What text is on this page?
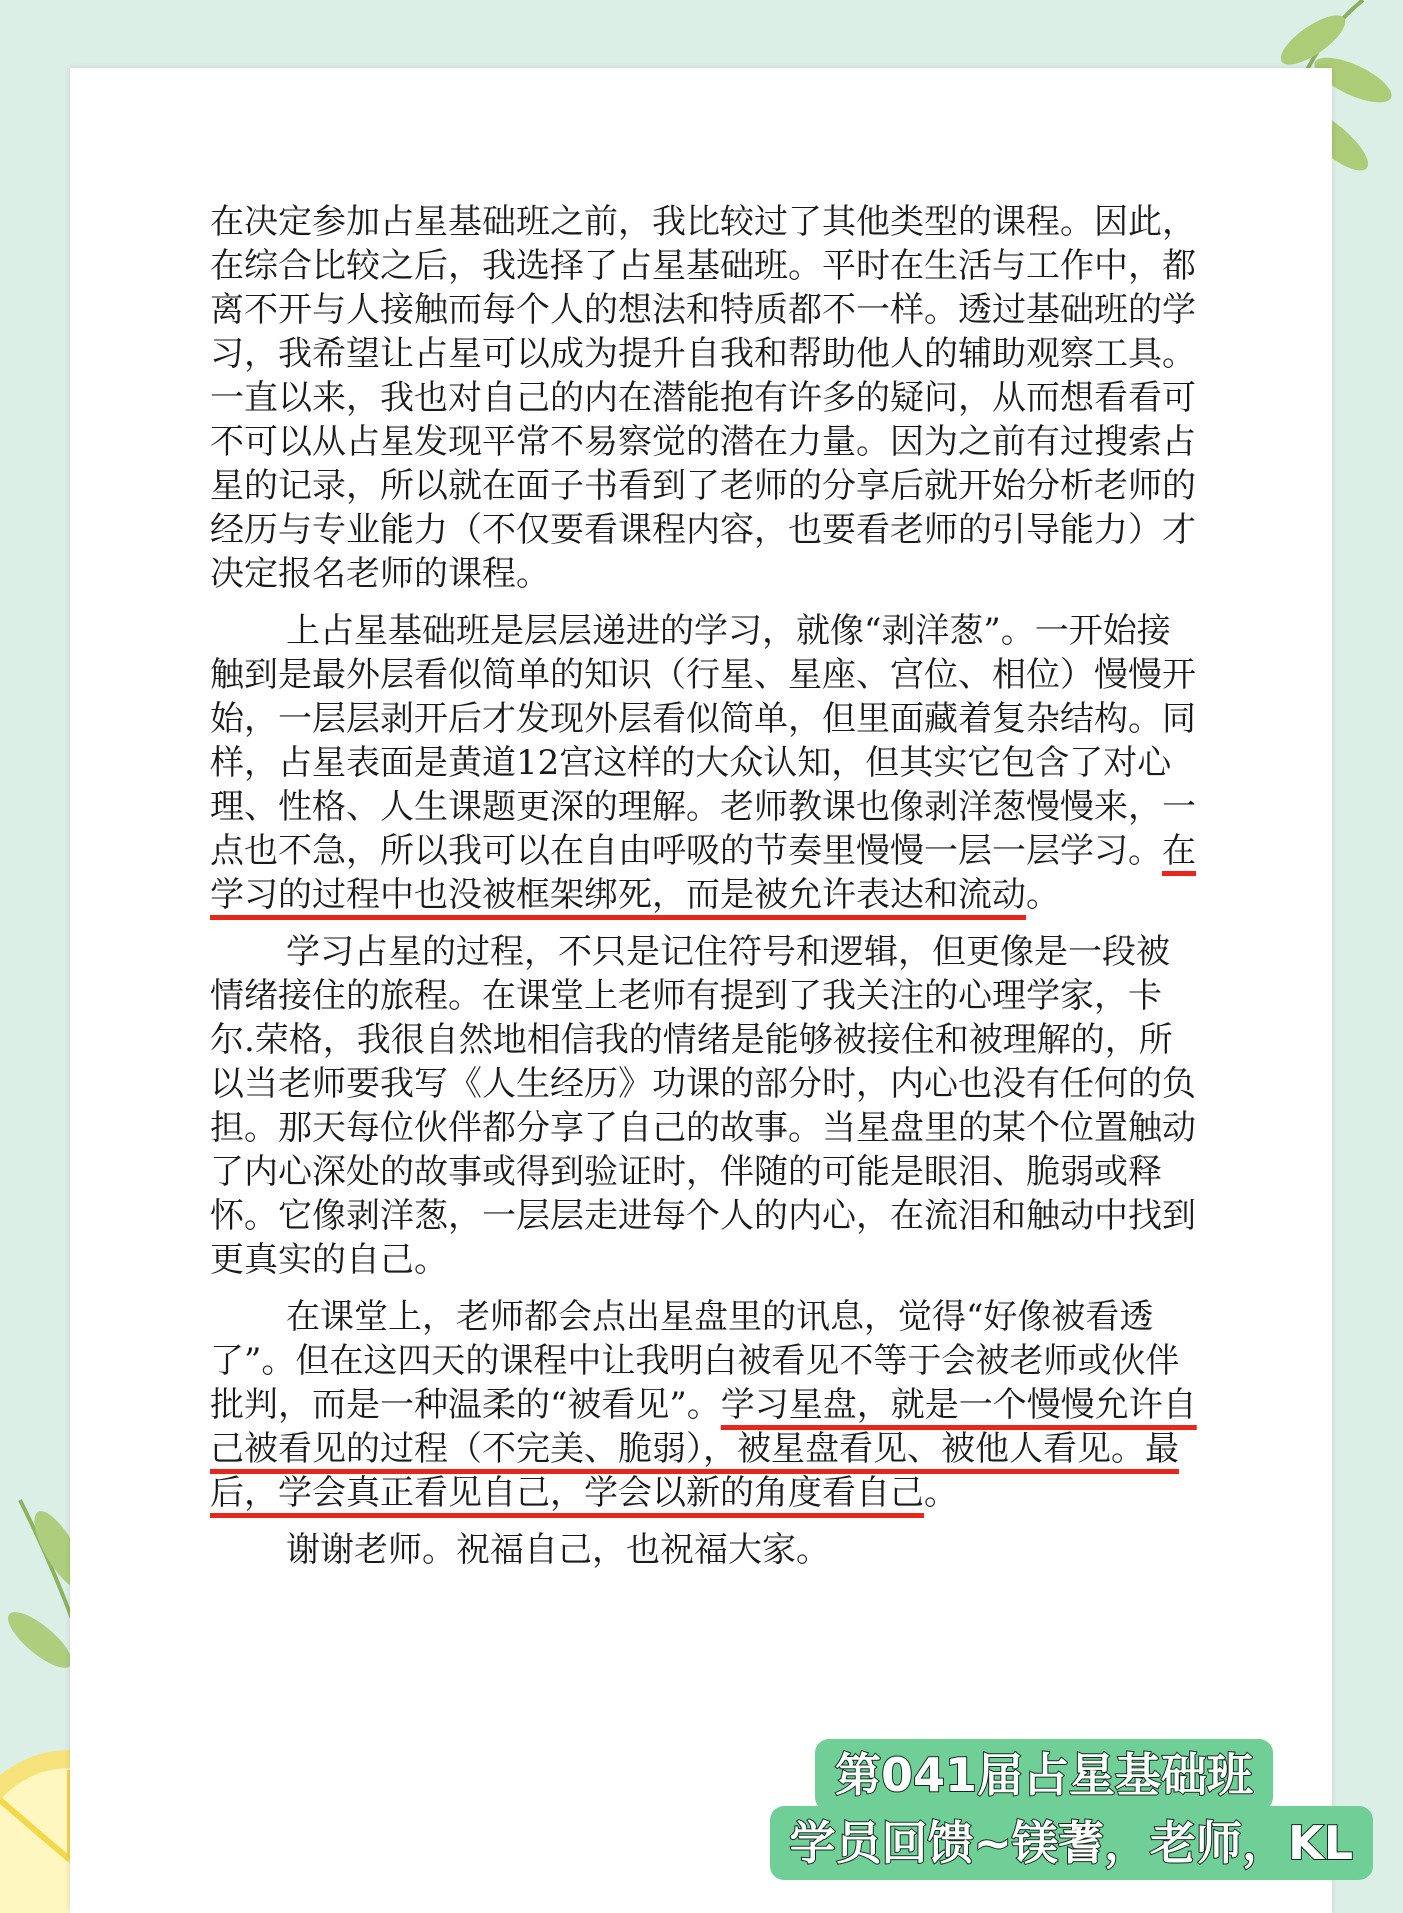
在决定参加占星基础班之前，我比较过了其他类型的课程。因此，在综合比较之后，我选择了占星基础班。平时在生活与工作中，都离不开与人接触而每个人的想法和特质都不一样。透过基础班的学习，我希望让占星可以成为提升自我和帮助他人的辅助观察工具。一直以来，我也对自己的内在潜能抱有许多的疑问，从而想看看可不可以从占星发现平常不易察觉的潜在力量。因为之前有过搜索占星的记录，所以就在面子书看到了老师的分享后就开始分析老师的经历与专业能力（不仅要看课程内容，也要看老师的引导能力）才决定报名老师的课程。

上占星基础班是层层递进的学习，就像“剥洋葱”。一开始接触到是最外层看似简单的知识（行星、星座、宫位、相位）慢慢开始，一层层剥开后才发现外层看似简单，但里面藏着复杂结构。同样，占星表面是黄道12宫这样的大众认知，但其实它包含了对心理、性格、人生课题更深的理解。老师教课也像剥洋葱慢慢来，一点也不急，所以我可以在自由呼吸的节奏里慢慢一层一层学习。在学习的过程中也没被框架绑死，而是被允许表达和流动。

学习占星的过程，不只是记住符号和逻辑，但更像是一段被情绪接住的旅程。在课堂上老师有提到了我关注的心理学家，卡尔.荣格，我很自然地相信我的情绪是能够被接住和被理解的，所以当老师要我写《人生经历》功课的部分时，内心也没有任何的负担。那天每位伙伴都分享了自己的故事。当星盘里的某个位置触动了内心深处的故事或得到验证时，伴随的可能是眼泪、脆弱或释怀。它像剥洋葱，一层层走进每个人的内心，在流泪和触动中找到更真实的自己。

在课堂上，老师都会点出星盘里的讯息，觉得“好像被看透了”。但在这四天的课程中让我明白被看见不等于会被老师或伙伴批判，而是一种温柔的“被看见”。学习星盘，就是一个慢慢允许自己被看见的过程（不完美、脆弱），被星盘看见、被他人看见。最后，学会真正看见自己，学会以新的角度看自己。

谢谢老师。祝福自己，也祝福大家。

第041届占星基础班
学员回馈~镁蓍，老师，KL
